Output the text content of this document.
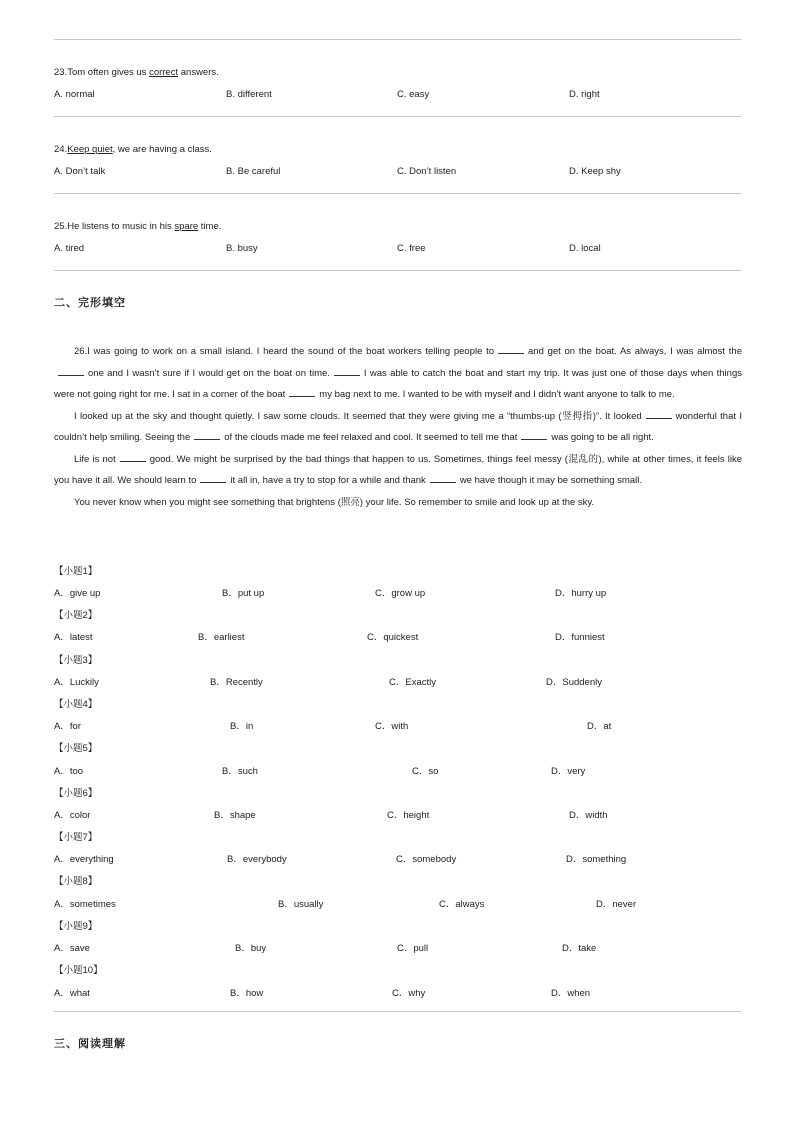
23.Tom often gives us correct answers.
A. normal	B. different	C. easy	D. right
24.Keep quiet, we are having a class.
A. Don’t talk	B. Be careful	C. Don’t listen	D. Keep shy
25.He listens to music in his spare time.
A. tired	B. busy	C. free	D. local
二、完形填空

26.I was going to work on a small island. I heard the sound of the boat workers telling people to	and get on the boat. As always, I was almost theone and I wasn’t sure if I would get on the boat on time.	I was able to catch the boat and start my trip. It was just one of those days when things were not going right for me. I sat in a corner of the boat	my bag next to me. I wanted to be with myself and I didn’t want anyone to talk to me.

I looked up at the sky and thought quietly. I saw some clouds. It seemed that they were giving me a “thumbs-up (竖拇指)”. It looked	wonderful that I couldn’t help smiling. Seeing the	of the clouds made me feel relaxed and cool. It seemed to tell me that	was going to be all right.

Life is not	good. We might be surprised by the bad things that happen to us. Sometimes, things feel messy (混乱的), while at other times, it feels like you have it all. We should learn to	it all in, have a try to stop for a while and thank	we have though it may be something small.

You never know when you might see something that brightens (照亮) your life. So remember to smile and look up at the sky.

【小题1】
A．give up	B．put up	C．grow up	D．hurry up
【小题2】
A．latest	B．earliest	C．quickest	D．funniest
【小题3】
A．Luckily	B．Recently	C．Exactly	D．Suddenly
【小题4】
A．for	B．in	C．with	D．at
【小题5】
A．too	B．such	C．so	D．very
【小题6】
A．color	B．shape	C．height	D．width
【小题7】
A．everything	B．everybody	C．somebody	D．something
【小题8】
A．sometimes	B．usually	C．always	D．never
【小题9】
A．save	B．buy	C．pull	D．take
【小题10】
A．what	B．how	C．why	D．when
三、阅读理解
